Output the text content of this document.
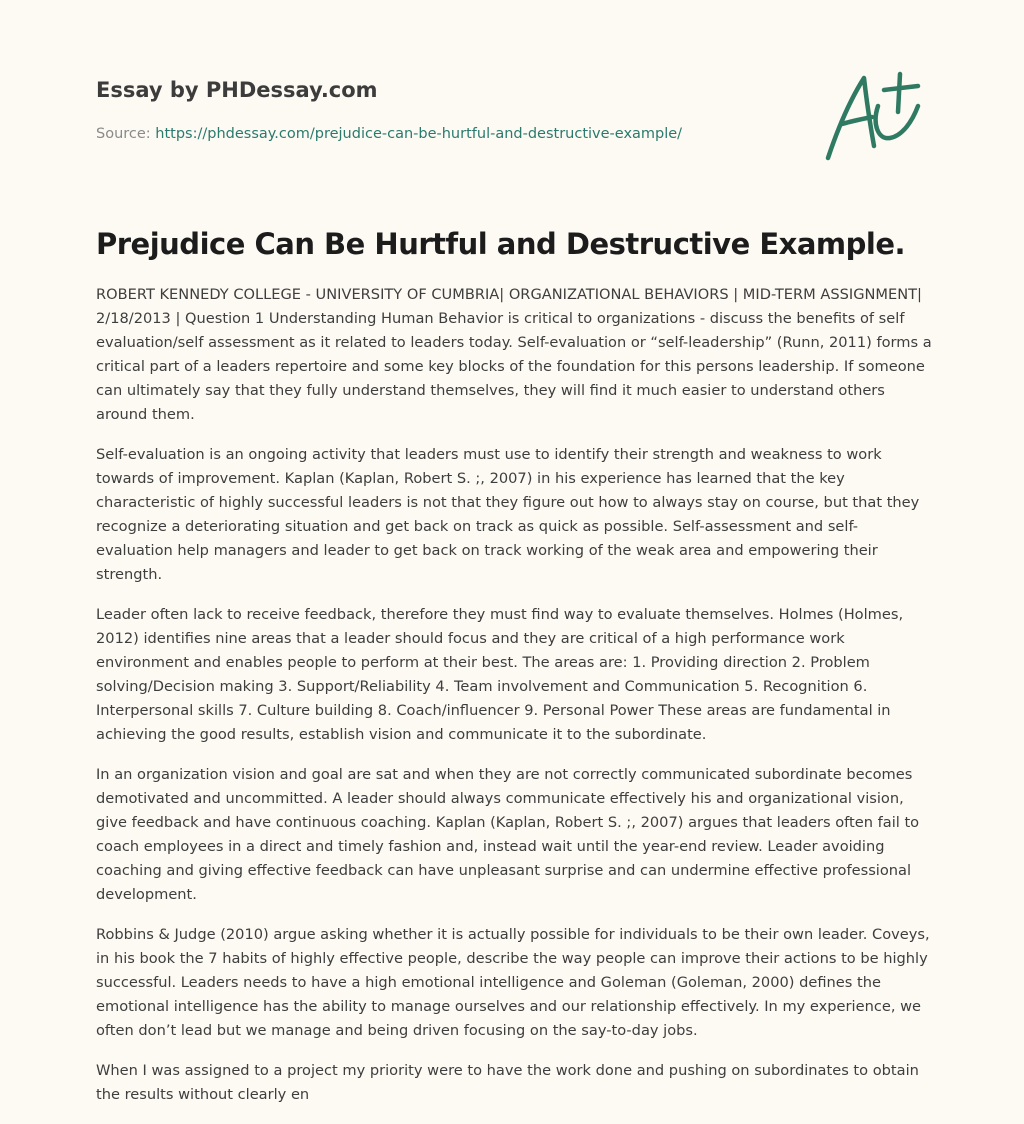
Essay by PHDessay.com
Source: https://phdessay.com/prejudice-can-be-hurtful-and-destructive-example/
Prejudice Can Be Hurtful and Destructive Example.

ROBERT KENNEDY COLLEGE - UNIVERSITY OF CUMBRIA| ORGANIZATIONAL BEHAVIORS | MID-TERM ASSIGNMENT| 2/18/2013 | Question 1 Understanding Human Behavior is critical to organizations - discuss the benefits of self evaluation/self assessment as it related to leaders today. Self-evaluation or “self-leadership” (Runn, 2011) forms a critical part of a leaders repertoire and some key blocks of the foundation for this persons leadership. If someone can ultimately say that they fully understand themselves, they will find it much easier to understand others around them.

Self-evaluation is an ongoing activity that leaders must use to identify their strength and weakness to work towards of improvement. Kaplan (Kaplan, Robert S. ;, 2007) in his experience has learned that the key characteristic of highly successful leaders is not that they figure out how to always stay on course, but that they recognize a deteriorating situation and get back on track as quick as possible. Self-assessment and self-evaluation help managers and leader to get back on track working of the weak area and empowering their strength.

Leader often lack to receive feedback, therefore they must find way to evaluate themselves. Holmes (Holmes, 2012) identifies nine areas that a leader should focus and they are critical of a high performance work environment and enables people to perform at their best. The areas are: 1. Providing direction 2. Problem solving/Decision making 3. Support/Reliability 4. Team involvement and Communication 5. Recognition 6. Interpersonal skills 7. Culture building 8. Coach/influencer 9. Personal Power These areas are fundamental in achieving the good results, establish vision and communicate it to the subordinate.

In an organization vision and goal are sat and when they are not correctly communicated subordinate becomes demotivated and uncommitted. A leader should always communicate effectively his and organizational vision, give feedback and have continuous coaching. Kaplan (Kaplan, Robert S. ;, 2007) argues that leaders often fail to coach employees in a direct and timely fashion and, instead wait until the year-end review. Leader avoiding coaching and giving effective feedback can have unpleasant surprise and can undermine effective professional development.

Robbins & Judge (2010) argue asking whether it is actually possible for individuals to be their own leader. Coveys, in his book the 7 habits of highly effective people, describe the way people can improve their actions to be highly successful. Leaders needs to have a high emotional intelligence and Goleman (Goleman, 2000) defines the emotional intelligence has the ability to manage ourselves and our relationship effectively. In my experience, we often don’t lead but we manage and being driven focusing on the say-to-day jobs.

When I was assigned to a project my priority were to have the work done and pushing on subordinates to obtain the results without clearly en
